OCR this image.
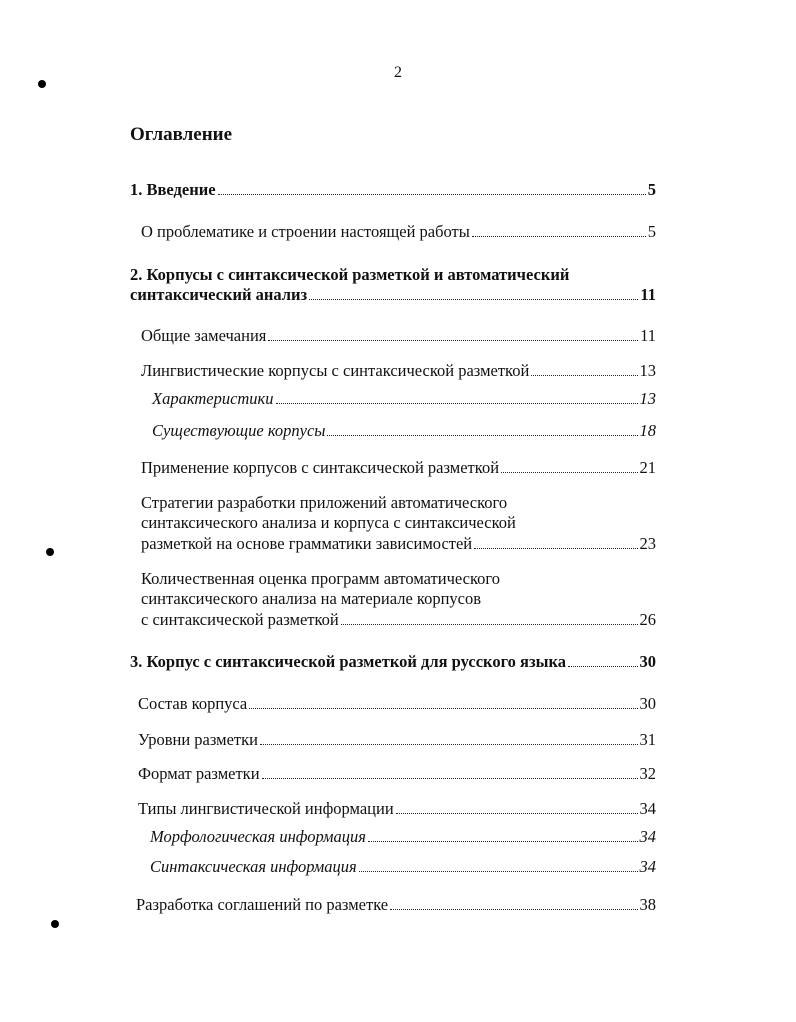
2
Оглавление
1. Введение	5
О проблематике и строении настоящей работы	5
2. Корпусы с синтаксической разметкой и автоматический
синтаксический анализ	11
Общие замечания	11
Лингвистические корпусы с синтаксической разметкой	13
Характеристики	13
Существующие корпусы	18
Применение корпусов с синтаксической разметкой	21
Стратегии разработки приложений автоматического
синтаксического анализа и корпуса с синтаксической
разметкой на основе грамматики зависимостей	23
Количественная оценка программ автоматического
синтаксического анализа на материале корпусов
с синтаксической разметкой	26
3. Корпус с синтаксической разметкой для русского языка	30
Состав корпуса	30
Уровни разметки	31
Формат разметки	32
Типы лингвистической информации	34
Морфологическая информация	34
Синтаксическая информация	34
Разработка соглашений по разметке	38
